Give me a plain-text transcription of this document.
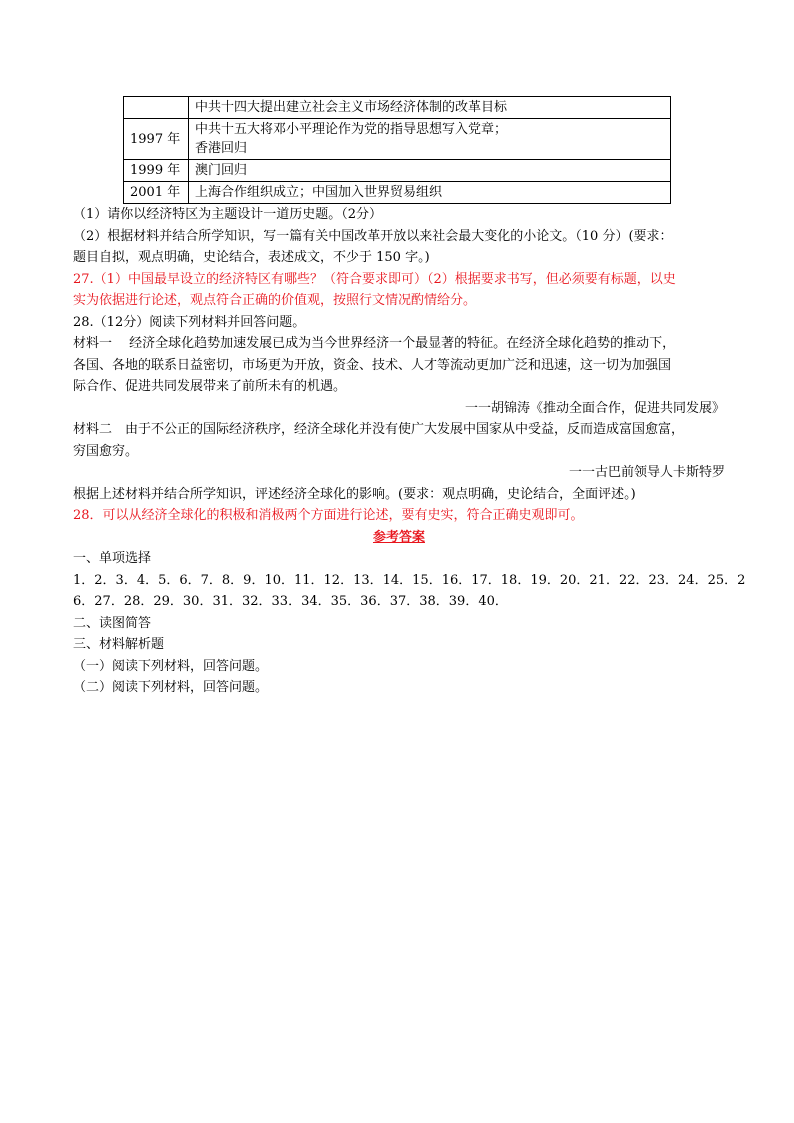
	中共十四大提出建立社会主义市场经济体制的改革目标

1997 年	中共十五大将邓小平理论作为党的指导思想写入党章；
香港回归

1999 年	澳门回归

2001 年	上海合作组织成立；中国加入世界贸易组织
（1）请你以经济特区为主题设计一道历史题。（2分）
（2）根据材料并结合所学知识，写一篇有关中国改革开放以来社会最大变化的小论文。（10 分）(要求：
题目自拟，观点明确，史论结合，表述成文，不少于 150 字。)
27.（1）中国最早设立的经济特区有哪些？（符合要求即可）（2）根据要求书写，但必须要有标题，以史
实为依据进行论述，观点符合正确的价值观，按照行文情况酌情给分。
28.（12分）阅读下列材料并回答问题。
材料一　 经济全球化趋势加速发展已成为当今世界经济一个最显著的特征。在经济全球化趋势的推动下，
各国、各地的联系日益密切，市场更为开放，资金、技术、人才等流动更加广泛和迅速，这一切为加强国
际合作、促进共同发展带来了前所未有的机遇。
一一胡锦涛《推动全面合作，促进共同发展》
材料二　由于不公正的国际经济秩序，经济全球化并没有使广大发展中国家从中受益，反而造成富国愈富，
穷国愈穷。
一一古巴前领导人卡斯特罗
根据上述材料并结合所学知识，评述经济全球化的影响。(要求：观点明确，史论结合，全面评述。)
28．可以从经济全球化的积极和消极两个方面进行论述，要有史实，符合正确史观即可。
参考答案
一、单项选择
1．2．3．4．5．6．7．8．9．10．11．12．13．14．15．16．17．18．19．20．21．22．23．24．25．2
6．27．28．29．30．31．32．33．34．35．36．37．38．39．40．
二、读图简答
三、材料解析题
（一）阅读下列材料，回答问题。
（二）阅读下列材料，回答问题。
